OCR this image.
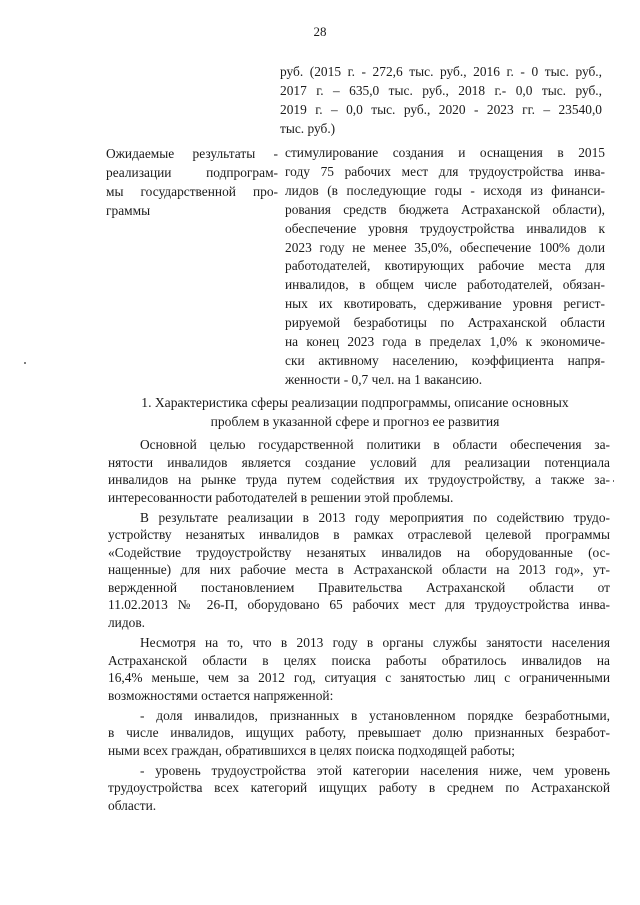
28
руб. (2015 г. - 272,6 тыс. руб., 2016 г. - 0 тыс. руб.,
2017 г. – 635,0 тыс. руб., 2018 г.- 0,0 тыс. руб.,
2019 г. – 0,0 тыс. руб., 2020 - 2023 гг. – 23540,0
тыс. руб.)
Ожидаемые результаты -
реализации подпрограм-
мы государственной про-
граммы
стимулирование создания и оснащения в 2015
году 75 рабочих мест для трудоустройства инва-
лидов (в последующие годы - исходя из финанси-
рования средств бюджета Астраханской области),
обеспечение уровня трудоустройства инвалидов к
2023 году не менее 35,0%, обеспечение 100% доли
работодателей, квотирующих рабочие места для
инвалидов, в общем числе работодателей, обязан-
ных их квотировать, сдерживание уровня регист-
рируемой безработицы по Астраханской области
на конец 2023 года в пределах 1,0% к экономиче-
ски активному населению, коэффициента напря-
женности - 0,7 чел. на 1 вакансию.
1. Характеристика сферы реализации подпрограммы, описание основных
проблем в указанной сфере и прогноз ее развития
Основной целью государственной политики в области обеспечения за-
нятости инвалидов является создание условий для реализации потенциала
инвалидов на рынке труда путем содействия их трудоустройству, а также за-
интересованности работодателей в решении этой проблемы.
В результате реализации в 2013 году мероприятия по содействию трудо-
устройству незанятых инвалидов в рамках отраслевой целевой программы
«Содействие трудоустройству незанятых инвалидов на оборудованные (ос-
нащенные) для них рабочие места в Астраханской области на 2013 год», ут-
вержденной постановлением Правительства Астраханской области от
11.02.2013 № 26-П, оборудовано 65 рабочих мест для трудоустройства инва-
лидов.
Несмотря на то, что в 2013 году в органы службы занятости населения
Астраханской области в целях поиска работы обратилось инвалидов на
16,4% меньше, чем за 2012 год, ситуация с занятостью лиц с ограниченными
возможностями остается напряженной:
- доля инвалидов, признанных в установленном порядке безработными,
в числе инвалидов, ищущих работу, превышает долю признанных безработ-
ными всех граждан, обратившихся в целях поиска подходящей работы;
- уровень трудоустройства этой категории населения ниже, чем уровень
трудоустройства всех категорий ищущих работу в среднем по Астраханской
области.
